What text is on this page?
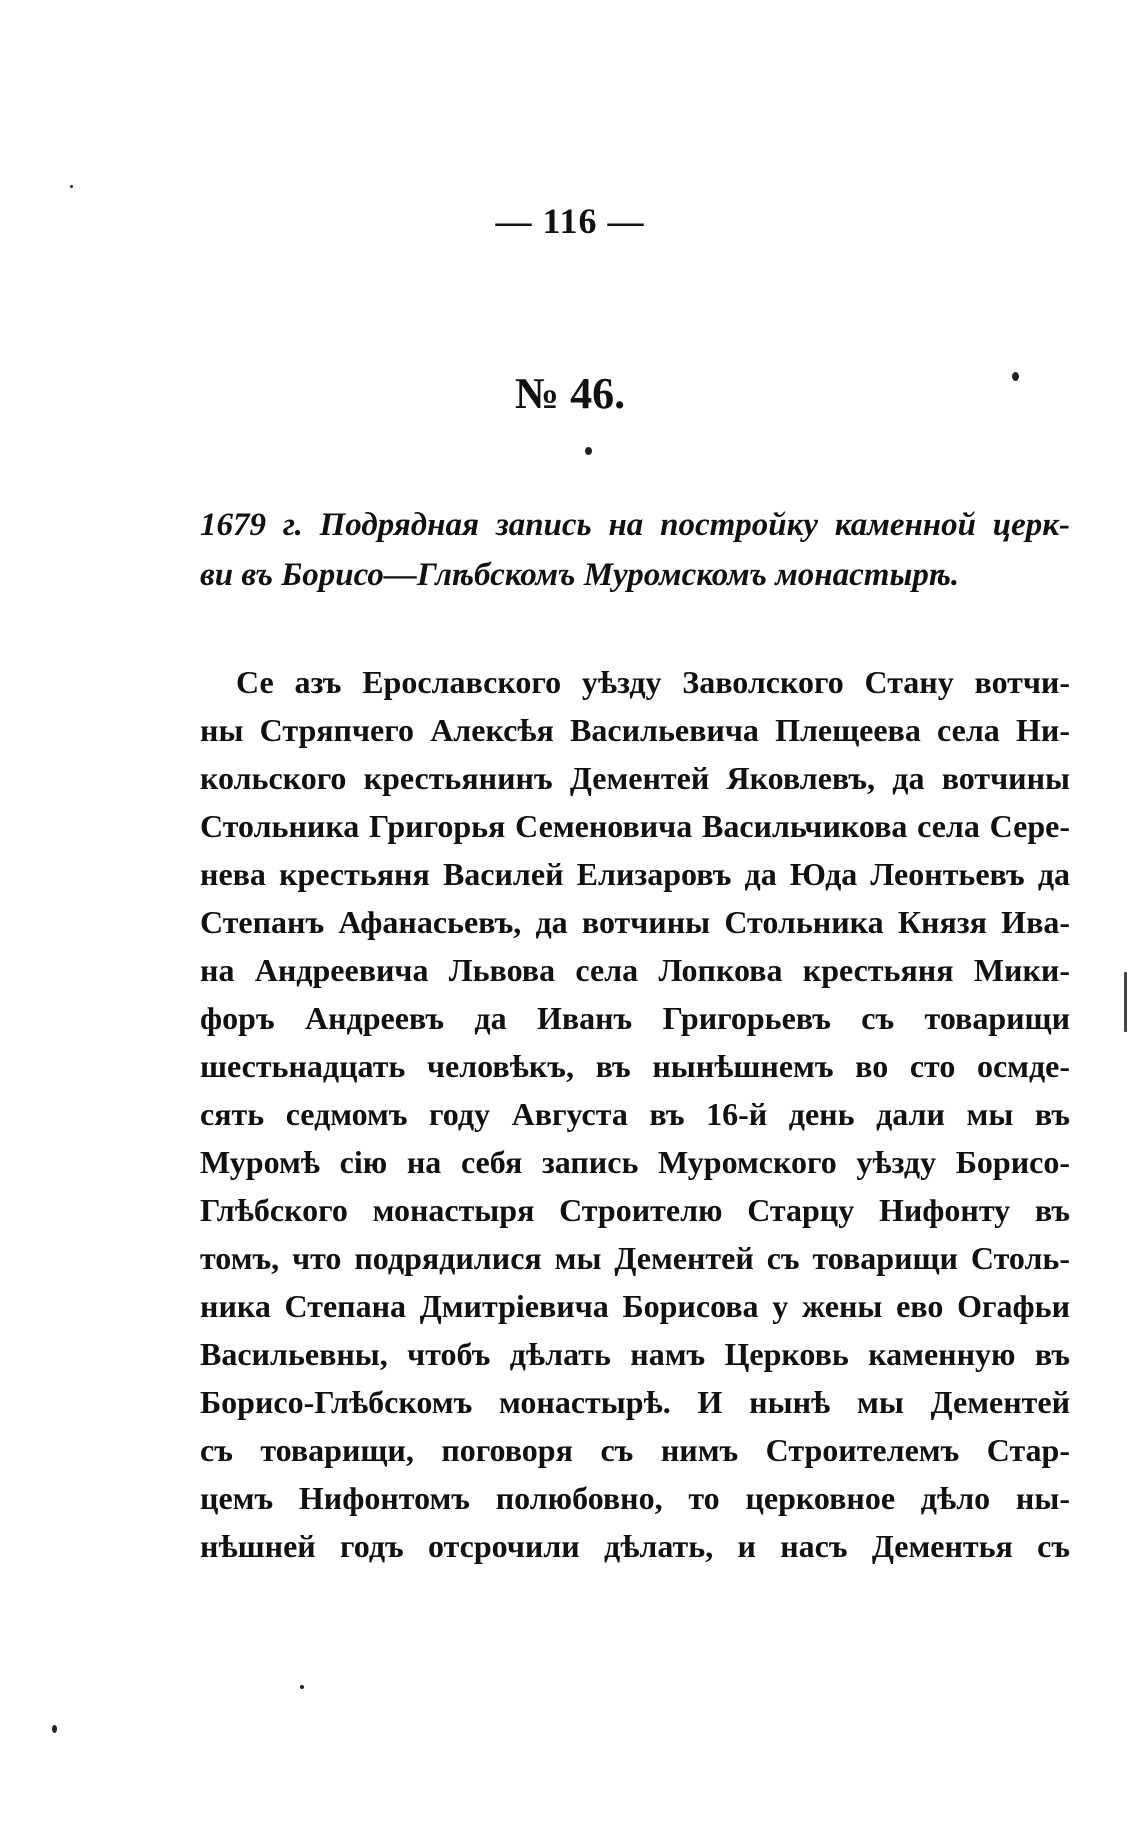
— 116 —
№ 46.
1679 г. Подрядная запись на постройку каменной церк-
ви въ Борисо—Глѣбскомъ Муромскомъ монастырѣ.
Се азъ Ерославского уѣзду Заволского Стану вотчи-
ны Стряпчего Алексѣя Васильевича Плещеева села Ни-
кольского крестьянинъ Дементей Яковлевъ, да вотчины
Стольника Григорья Семеновича Васильчикова села Сере-
нева крестьяня Василей Елизаровъ да Юда Леонтьевъ да
Степанъ Афанасьевъ, да вотчины Стольника Князя Ива-
на Андреевича Львова села Лопкова крестьяня Мики-
форъ Андреевъ да Иванъ Григорьевъ съ товарищи
шестьнадцать человѣкъ, въ нынѣшнемъ во сто осмде-
сять седмомъ году Августа въ 16-й день дали мы въ
Муромѣ сію на себя запись Муромского уѣзду Борисо-
Глѣбского монастыря Строителю Старцу Нифонту въ
томъ, что подрядилися мы Дементей съ товарищи Столь-
ника Степана Дмитріевича Борисова у жены ево Огафьи
Васильевны, чтобъ дѣлать намъ Церковь каменную въ
Борисо-Глѣбскомъ монастырѣ. И нынѣ мы Дементей
съ товарищи, поговоря съ нимъ Строителемъ Стар-
цемъ Нифонтомъ полюбовно, то церковное дѣло ны-
нѣшней годъ отсрочили дѣлать, и насъ Дементья съ
